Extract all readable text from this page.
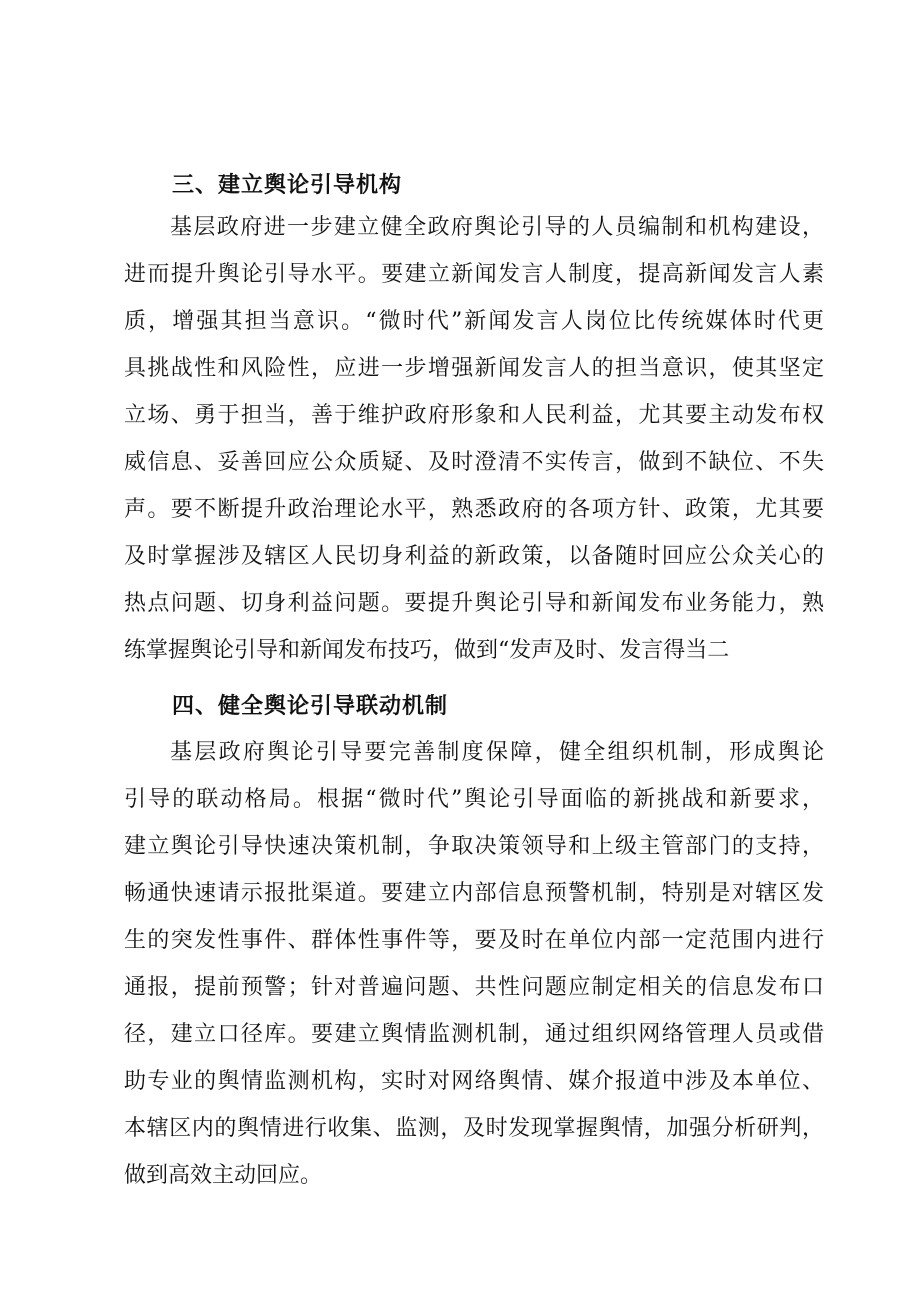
三、建立舆论引导机构
基层政府进一步建立健全政府舆论引导的人员编制和机构建设，
进而提升舆论引导水平。要建立新闻发言人制度，提高新闻发言人素
质，增强其担当意识。“微时代”新闻发言人岗位比传统媒体时代更
具挑战性和风险性，应进一步增强新闻发言人的担当意识，使其坚定
立场、勇于担当，善于维护政府形象和人民利益，尤其要主动发布权
威信息、妥善回应公众质疑、及时澄清不实传言，做到不缺位、不失
声。要不断提升政治理论水平，熟悉政府的各项方针、政策，尤其要
及时掌握涉及辖区人民切身利益的新政策，以备随时回应公众关心的
热点问题、切身利益问题。要提升舆论引导和新闻发布业务能力，熟
练掌握舆论引导和新闻发布技巧，做到“发声及时、发言得当二
四、健全舆论引导联动机制
基层政府舆论引导要完善制度保障，健全组织机制，形成舆论
引导的联动格局。根据“微时代”舆论引导面临的新挑战和新要求，
建立舆论引导快速决策机制，争取决策领导和上级主管部门的支持，
畅通快速请示报批渠道。要建立内部信息预警机制，特别是对辖区发
生的突发性事件、群体性事件等，要及时在单位内部一定范围内进行
通报，提前预警；针对普遍问题、共性问题应制定相关的信息发布口
径，建立口径库。要建立舆情监测机制，通过组织网络管理人员或借
助专业的舆情监测机构，实时对网络舆情、媒介报道中涉及本单位、
本辖区内的舆情进行收集、监测，及时发现掌握舆情，加强分析研判，
做到高效主动回应。
